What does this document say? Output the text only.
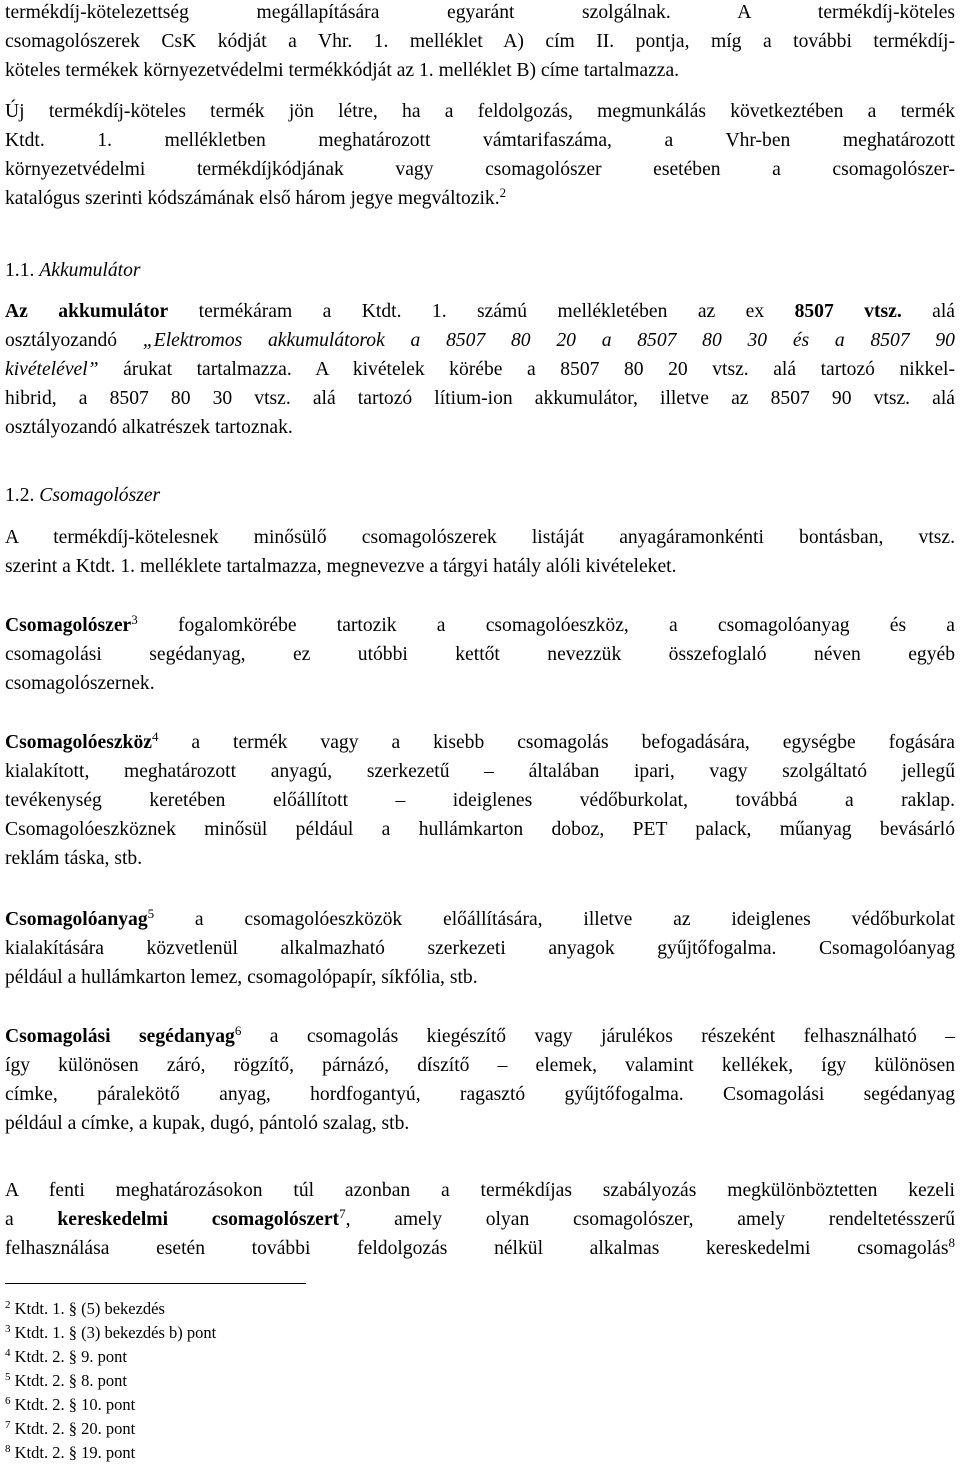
termékdíj-kötelezettség megállapítására egyaránt szolgálnak. A termékdíj-köteles
csomagolószerek CsK kódját a Vhr. 1. melléklet A) cím II. pontja, míg a további termékdíj-
köteles termékek környezetvédelmi termékkódját az 1. melléklet B) címe tartalmazza.
Új termékdíj-köteles termék jön létre, ha a feldolgozás, megmunkálás következtében a termék
Ktdt. 1. mellékletben meghatározott vámtarifaszáma, a Vhr-ben meghatározott
környezetvédelmi termékdíjkódjának vagy csomagolószer esetében a csomagolószer-
katalógus szerinti kódszámának első három jegye megváltozik.$^2$
1.1. Akkumulátor
Az akkumulátor termékáram a Ktdt. 1. számú mellékletében az ex 8507 vtsz. alá
osztályozandó „Elektromos akkumulátorok a 8507 80 20 a 8507 80 30 és a 8507 90
kivételével” árukat tartalmazza. A kivételek körébe a 8507 80 20 vtsz. alá tartozó nikkel-
hibrid, a 8507 80 30 vtsz. alá tartozó lítium-ion akkumulátor, illetve az 8507 90 vtsz. alá
osztályozandó alkatrészek tartoznak.
1.2. Csomagolószer
A termékdíj-kötelesnek minősülő csomagolószerek listáját anyagáramonkénti bontásban, vtsz.
szerint a Ktdt. 1. melléklete tartalmazza, megnevezve a tárgyi hatály alóli kivételeket.
Csomagolószer$^3$ fogalomkörébe tartozik a csomagolóeszköz, a csomagolóanyag és a
csomagolási segédanyag, ez utóbbi kettőt nevezzük összefoglaló néven egyéb
csomagolószernek.
Csomagolóeszköz$^4$ a termék vagy a kisebb csomagolás befogadására, egységbe fogására
kialakított, meghatározott anyagú, szerkezetű – általában ipari, vagy szolgáltató jellegű
tevékenység keretében előállított – ideiglenes védőburkolat, továbbá a raklap.
Csomagolóeszköznek minősül például a hullámkarton doboz, PET palack, műanyag bevásárló
reklám táska, stb.
Csomagolóanyag$^5$ a csomagolóeszközök előállítására, illetve az ideiglenes védőburkolat
kialakítására közvetlenül alkalmazható szerkezeti anyagok gyűjtőfogalma. Csomagolóanyag
például a hullámkarton lemez, csomagolópapír, síkfólia, stb.
Csomagolási segédanyag$^6$ a csomagolás kiegészítő vagy járulékos részeként felhasználható –
így különösen záró, rögzítő, párnázó, díszítő – elemek, valamint kellékek, így különösen
címke, páralekötő anyag, hordfogantyú, ragasztó gyűjtőfogalma. Csomagolási segédanyag
például a címke, a kupak, dugó, pántoló szalag, stb.
A fenti meghatározásokon túl azonban a termékdíjas szabályozás megkülönböztetten kezeli
a kereskedelmi csomagolószert$^7$, amely olyan csomagolószer, amely rendeltetésszerű
felhasználása esetén további feldolgozás nélkül alkalmas kereskedelmi csomagolás$^8$
$^2$ Ktdt. 1. § (5) bekezdés
$^3$ Ktdt. 1. § (3) bekezdés b) pont
$^4$ Ktdt. 2. § 9. pont
$^5$ Ktdt. 2. § 8. pont
$^6$ Ktdt. 2. § 10. pont
$^7$ Ktdt. 2. § 20. pont
$^8$ Ktdt. 2. § 19. pont
